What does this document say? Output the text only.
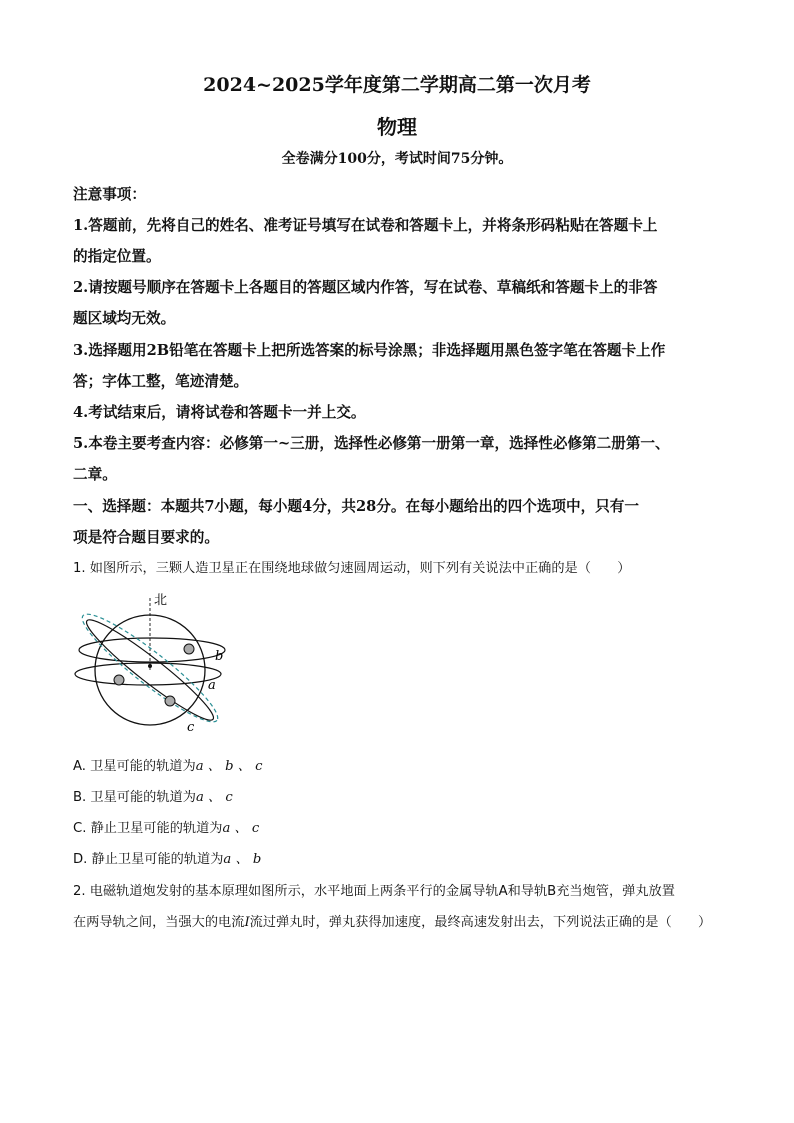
2024~2025学年度第二学期高二第一次月考
物理
全卷满分100分，考试时间75分钟。
注意事项：
1.答题前，先将自己的姓名、准考证号填写在试卷和答题卡上，并将条形码粘贴在答题卡上
的指定位置。
2.请按题号顺序在答题卡上各题目的答题区域内作答，写在试卷、草稿纸和答题卡上的非答
题区域均无效。
3.选择题用2B铅笔在答题卡上把所选答案的标号涂黑；非选择题用黑色签字笔在答题卡上作
答；字体工整，笔迹清楚。
4.考试结束后，请将试卷和答题卡一并上交。
5.本卷主要考查内容：必修第一~三册，选择性必修第一册第一章，选择性必修第二册第一、
二章。
一、选择题：本题共7小题，每小题4分，共28分。在每小题给出的四个选项中，只有一
项是符合题目要求的。
1. 如图所示，三颗人造卫星正在围绕地球做匀速圆周运动，则下列有关说法中正确的是（　　）
北
b
a
c
A. 卫星可能的轨道为a 、 b 、 c
B. 卫星可能的轨道为a 、 c
C. 静止卫星可能的轨道为a 、 c
D. 静止卫星可能的轨道为a 、 b
2. 电磁轨道炮发射的基本原理如图所示，水平地面上两条平行的金属导轨A和导轨B充当炮管，弹丸放置
在两导轨之间，当强大的电流I流过弹丸时，弹丸获得加速度，最终高速发射出去，下列说法正确的是（　　）
